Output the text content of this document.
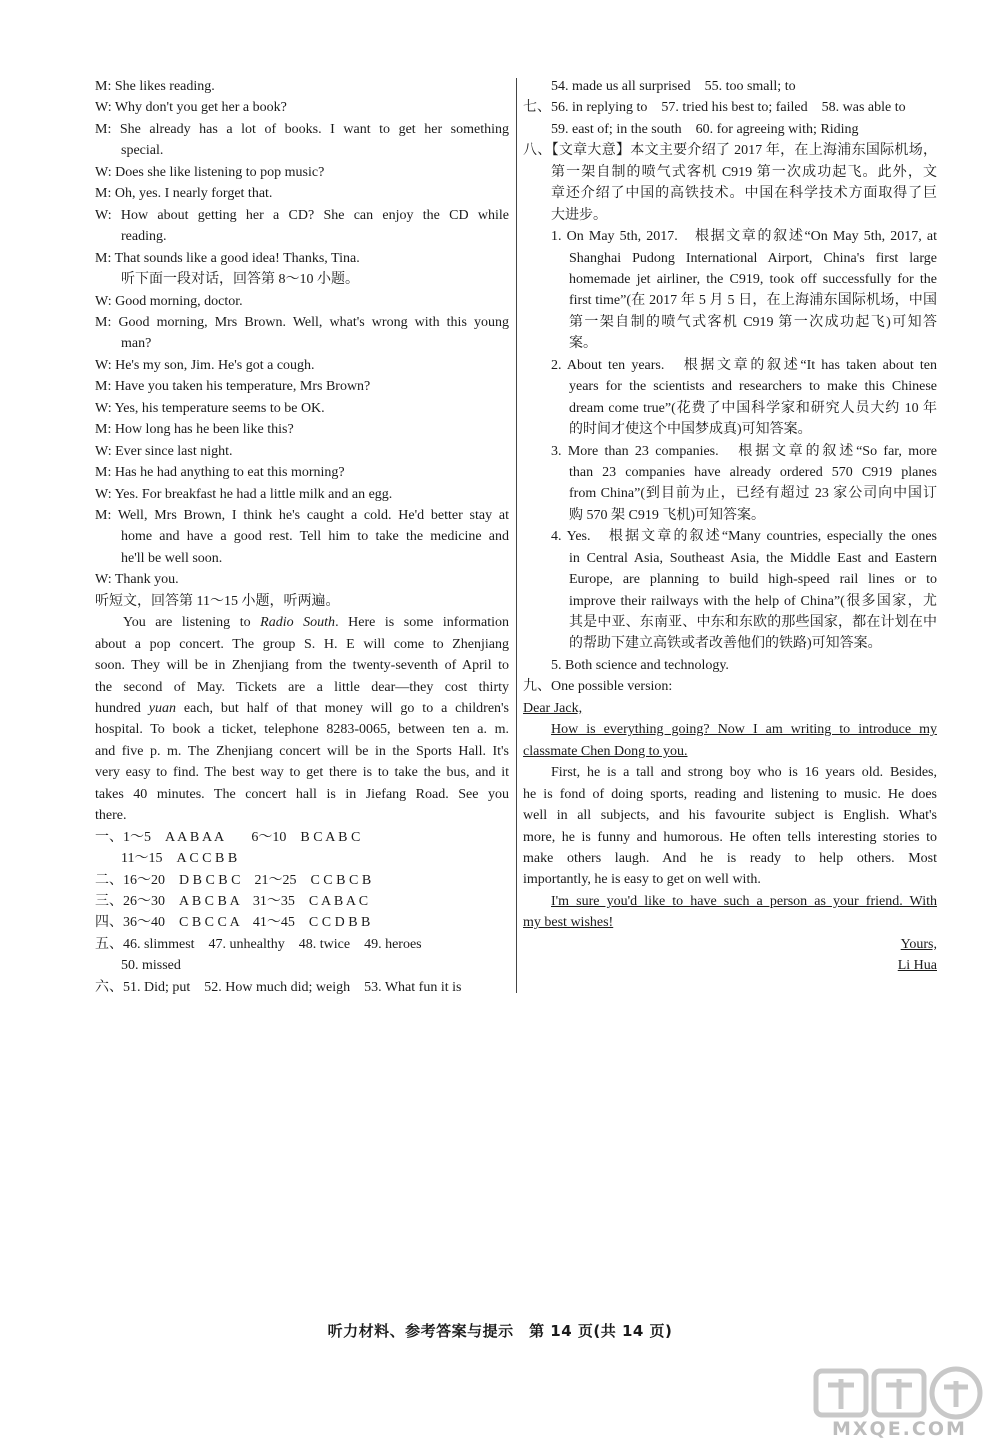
M: She likes reading.
W: Why don't you get her a book?
M: She already has a lot of books. I want to get her something
special.
W: Does she like listening to pop music?
M: Oh, yes. I nearly forget that.
W: How about getting her a CD? She can enjoy the CD while
reading.
M: That sounds like a good idea! Thanks, Tina.
听下面一段对话，回答第 8～10 小题。
W: Good morning, doctor.
M: Good morning, Mrs Brown. Well, what's wrong with this young
man?
W: He's my son, Jim. He's got a cough.
M: Have you taken his temperature, Mrs Brown?
W: Yes, his temperature seems to be OK.
M: How long has he been like this?
W: Ever since last night.
M: Has he had anything to eat this morning?
W: Yes. For breakfast he had a little milk and an egg.
M: Well, Mrs Brown, I think he's caught a cold. He'd better stay at
home and have a good rest. Tell him to take the medicine and
he'll be well soon.
W: Thank you.
听短文，回答第 11～15 小题，听两遍。
You are listening to Radio South. Here is some information
about a pop concert. The group S. H. E will come to Zhenjiang
soon. They will be in Zhenjiang from the twenty-seventh of April to
the second of May. Tickets are a little dear—they cost thirty
hundred yuan each, but half of that money will go to a children's
hospital. To book a ticket, telephone 8283-0065, between ten a. m.
and five p. m. The Zhenjiang concert will be in the Sports Hall. It's
very easy to find. The best way to get there is to take the bus, and it
takes 40 minutes. The concert hall is in Jiefang Road. See you
there.
一、1～5　A A B A A　　6～10　B C A B C
11～15　A C C B B
二、16～20　D B C B C　21～25　C C B C B
三、26～30　A B C B A　31～35　C A B A C
四、36～40　C B C C A　41～45　C C D B B
五、46. slimmest　47. unhealthy　48. twice　49. heroes
50. missed
六、51. Did; put　52. How much did; weigh　53. What fun it is
54. made us all surprised　55. too small; to
七、56. in replying to　57. tried his best to; failed　58. was able to
59. east of; in the south　60. for agreeing with; Riding
八、【文章大意】本文主要介绍了 2017 年，在上海浦东国际机场，
第一架自制的喷气式客机 C919 第一次成功起飞。此外，文
章还介绍了中国的高铁技术。中国在科学技术方面取得了巨
大进步。
1. On May 5th, 2017.　根据文章的叙述“On May 5th, 2017, at
Shanghai Pudong International Airport, China's first large
homemade jet airliner, the C919, took off successfully for the
first time”(在 2017 年 5 月 5 日，在上海浦东国际机场，中国
第一架自制的喷气式客机 C919 第一次成功起飞)可知答
案。
2. About ten years.　根据文章的叙述“It has taken about ten
years for the scientists and researchers to make this Chinese
dream come true”(花费了中国科学家和研究人员大约 10 年
的时间才使这个中国梦成真)可知答案。
3. More than 23 companies.　根据文章的叙述“So far, more
than 23 companies have already ordered 570 C919 planes
from China”(到目前为止，已经有超过 23 家公司向中国订
购 570 架 C919 飞机)可知答案。
4. Yes.　根据文章的叙述“Many countries, especially the ones
in Central Asia, Southeast Asia, the Middle East and Eastern
Europe, are planning to build high-speed rail lines or to
improve their railways with the help of China”(很多国家，尤
其是中亚、东南亚、中东和东欧的那些国家，都在计划在中
的帮助下建立高铁或者改善他们的铁路)可知答案。
5. Both science and technology.
九、One possible version:
Dear Jack,
How is everything going? Now I am writing to introduce my
classmate Chen Dong to you.
First, he is a tall and strong boy who is 16 years old. Besides,
he is fond of doing sports, reading and listening to music. He does
well in all subjects, and his favourite subject is English. What's
more, he is funny and humorous. He often tells interesting stories to
make others laugh. And he is ready to help others. Most
importantly, he is easy to get on well with.
I'm sure you'd like to have such a person as your friend. With
my best wishes!
Yours,
Li Hua
听力材料、参考答案与提示　第 14 页(共 14 页)
MXQE.COM
